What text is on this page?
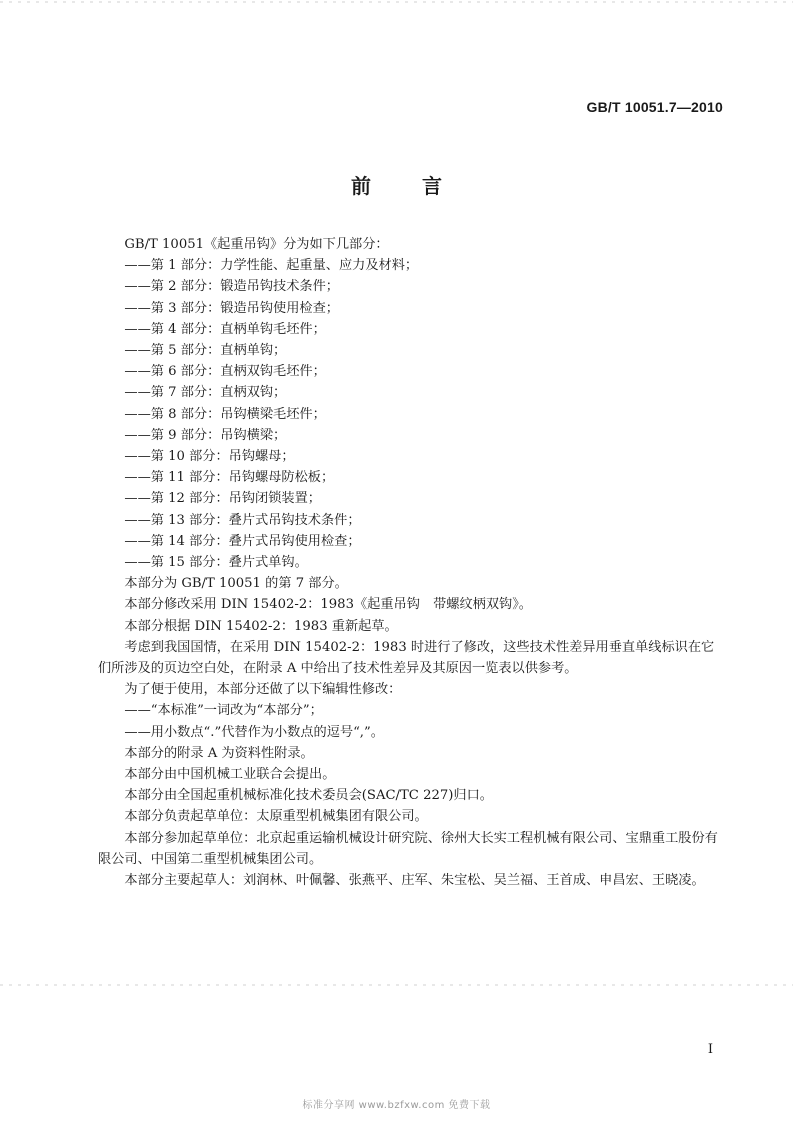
GB/T 10051.7—2010
前 言

GB/T 10051《起重吊钩》分为如下几部分：

——第 1 部分：力学性能、起重量、应力及材料；

——第 2 部分：锻造吊钩技术条件；

——第 3 部分：锻造吊钩使用检查；

——第 4 部分：直柄单钩毛坯件；

——第 5 部分：直柄单钩；

——第 6 部分：直柄双钩毛坯件；

——第 7 部分：直柄双钩；

——第 8 部分：吊钩横梁毛坯件；

——第 9 部分：吊钩横梁；

——第 10 部分：吊钩螺母；

——第 11 部分：吊钩螺母防松板；

——第 12 部分：吊钩闭锁装置；

——第 13 部分：叠片式吊钩技术条件；

——第 14 部分：叠片式吊钩使用检查；

——第 15 部分：叠片式单钩。

本部分为 GB/T 10051 的第 7 部分。

本部分修改采用 DIN 15402-2：1983《起重吊钩　带螺纹柄双钩》。

本部分根据 DIN 15402-2：1983 重新起草。

考虑到我国国情，在采用 DIN 15402-2：1983 时进行了修改，这些技术性差异用垂直单线标识在它们所涉及的页边空白处，在附录 A 中给出了技术性差异及其原因一览表以供参考。

为了便于使用，本部分还做了以下编辑性修改：

——“本标准”一词改为“本部分”；

——用小数点“.”代替作为小数点的逗号“,”。

本部分的附录 A 为资料性附录。

本部分由中国机械工业联合会提出。

本部分由全国起重机械标准化技术委员会(SAC/TC 227)归口。

本部分负责起草单位：太原重型机械集团有限公司。

本部分参加起草单位：北京起重运输机械设计研究院、徐州大长实工程机械有限公司、宝鼎重工股份有限公司、中国第二重型机械集团公司。

本部分主要起草人：刘润林、叶佩馨、张燕平、庄军、朱宝松、吴兰福、王首成、申昌宏、王晓凌。

I
标准分享网 www.bzfxw.com 免费下载
